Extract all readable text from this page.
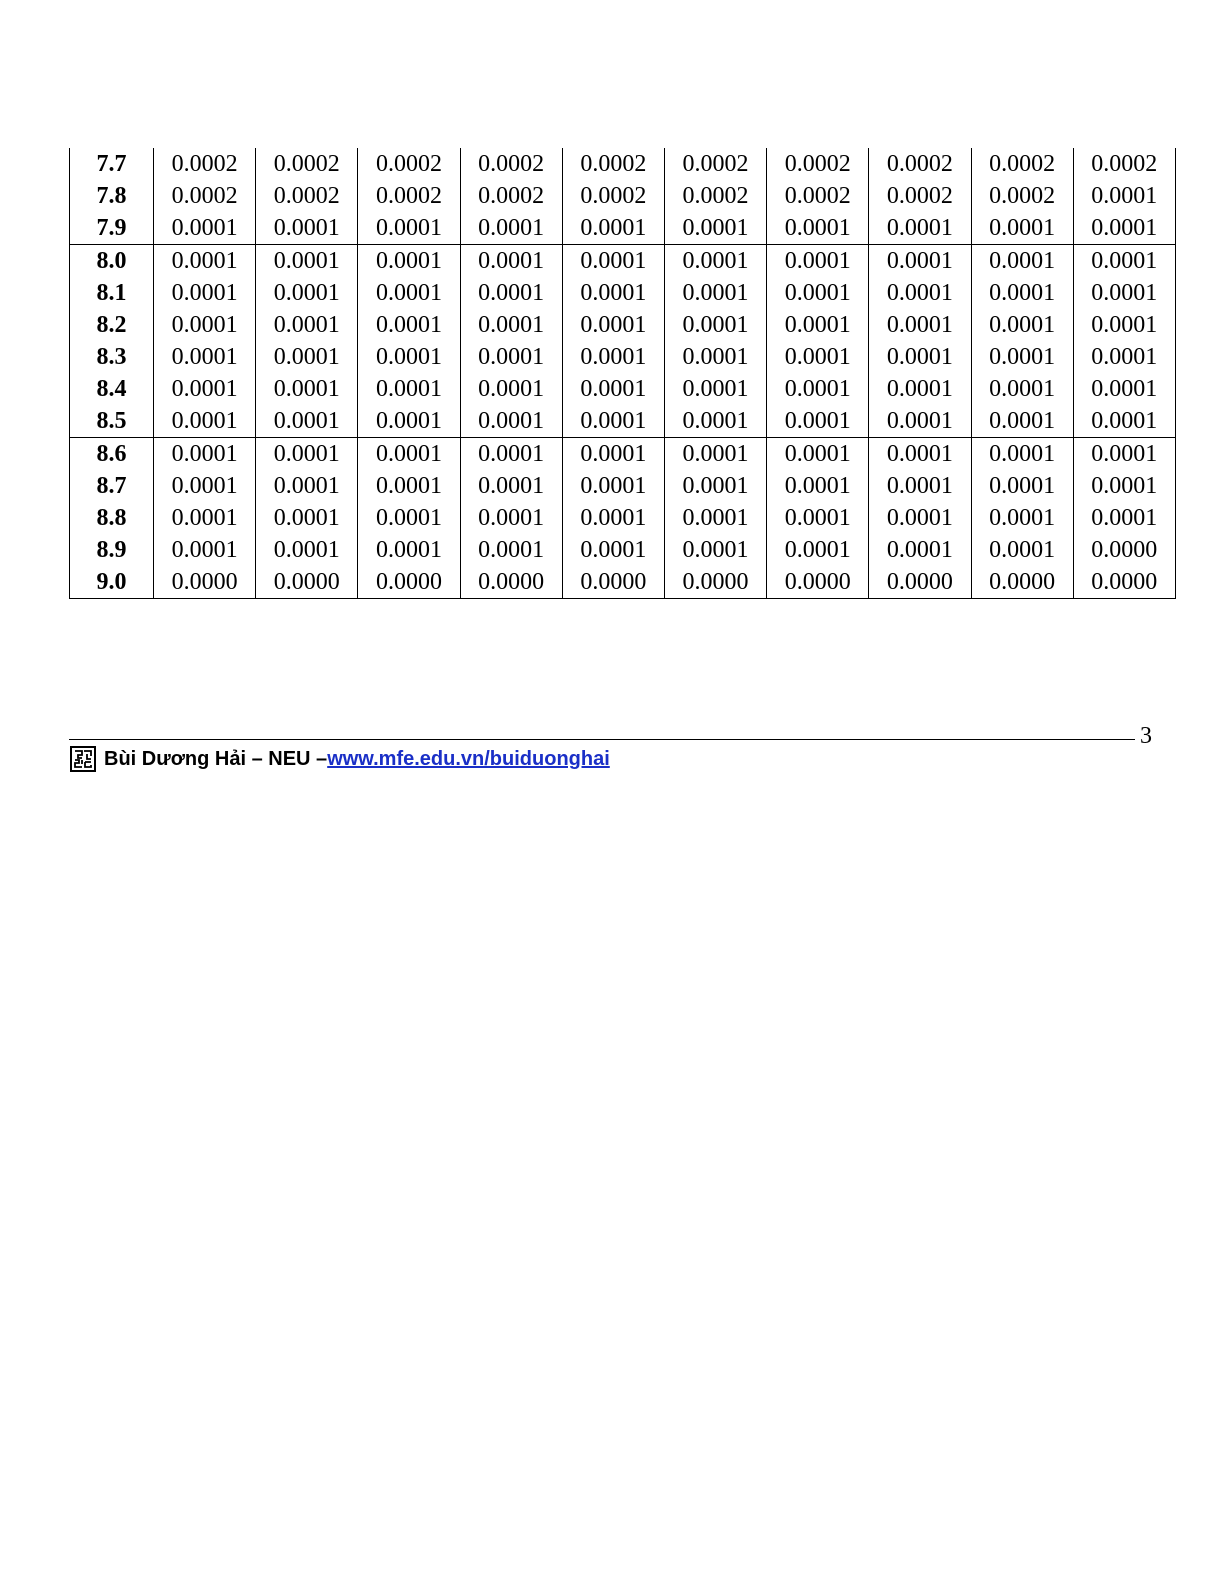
7.7	0.0002	0.0002	0.0002	0.0002	0.0002	0.0002	0.0002	0.0002	0.0002	0.0002
7.8	0.0002	0.0002	0.0002	0.0002	0.0002	0.0002	0.0002	0.0002	0.0002	0.0001
7.9	0.0001	0.0001	0.0001	0.0001	0.0001	0.0001	0.0001	0.0001	0.0001	0.0001
8.0	0.0001	0.0001	0.0001	0.0001	0.0001	0.0001	0.0001	0.0001	0.0001	0.0001
8.1	0.0001	0.0001	0.0001	0.0001	0.0001	0.0001	0.0001	0.0001	0.0001	0.0001
8.2	0.0001	0.0001	0.0001	0.0001	0.0001	0.0001	0.0001	0.0001	0.0001	0.0001
8.3	0.0001	0.0001	0.0001	0.0001	0.0001	0.0001	0.0001	0.0001	0.0001	0.0001
8.4	0.0001	0.0001	0.0001	0.0001	0.0001	0.0001	0.0001	0.0001	0.0001	0.0001
8.5	0.0001	0.0001	0.0001	0.0001	0.0001	0.0001	0.0001	0.0001	0.0001	0.0001
8.6	0.0001	0.0001	0.0001	0.0001	0.0001	0.0001	0.0001	0.0001	0.0001	0.0001
8.7	0.0001	0.0001	0.0001	0.0001	0.0001	0.0001	0.0001	0.0001	0.0001	0.0001
8.8	0.0001	0.0001	0.0001	0.0001	0.0001	0.0001	0.0001	0.0001	0.0001	0.0001
8.9	0.0001	0.0001	0.0001	0.0001	0.0001	0.0001	0.0001	0.0001	0.0001	0.0000
9.0	0.0000	0.0000	0.0000	0.0000	0.0000	0.0000	0.0000	0.0000	0.0000	0.0000
3
Bùi Dương Hải – NEU – www.mfe.edu.vn/buiduonghai
